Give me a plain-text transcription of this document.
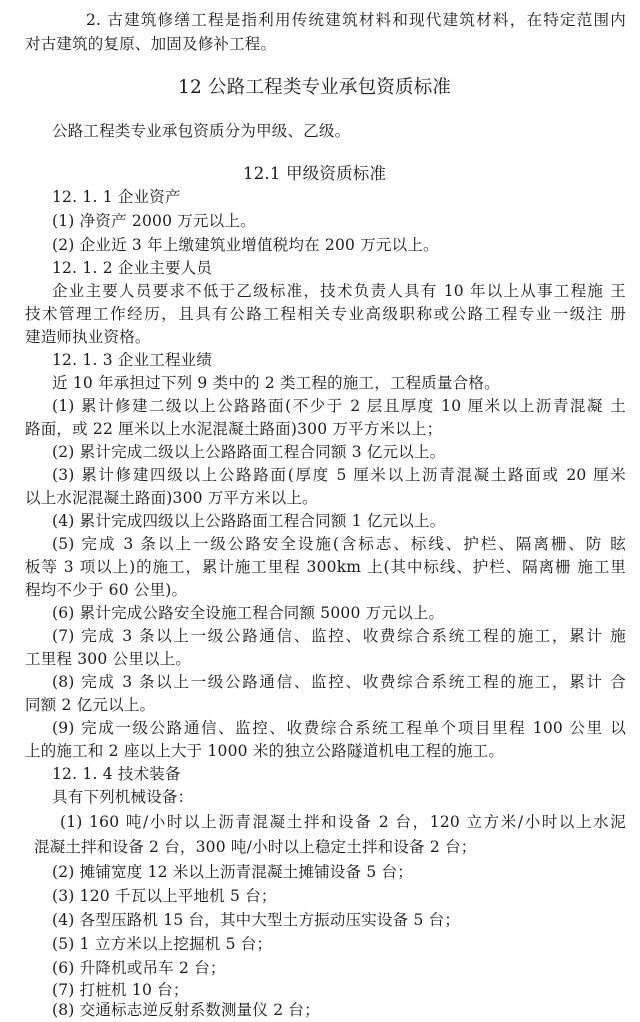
2. 古建筑修缮工程是指利用传统建筑材料和现代建筑材料，在特定范围内
对古建筑的复原、加固及修补工程。
12 公路工程类专业承包资质标准
公路工程类专业承包资质分为甲级、乙级。
12.1 甲级资质标准
12. 1. 1 企业资产
(1) 净资产 2000 万元以上。
(2) 企业近 3 年上缴建筑业增值税均在 200 万元以上。
12. 1. 2 企业主要人员
企业主要人员要求不低于乙级标准，技术负责人具有 10 年以上从事工程施 王
技术管理工作经历，且具有公路工程相关专业高级职称或公路工程专业一级注 册
建造师执业资格。
12. 1. 3 企业工程业绩
近 10 年承担过下列 9 类中的 2 类工程的施工，工程质量合格。
(1) 累计修建二级以上公路路面(不少于 2 层且厚度 10 厘米以上沥青混凝 土
路面，或 22 厘米以上水泥混凝土路面)300 万平方米以上；
(2) 累计完成二级以上公路路面工程合同额 3 亿元以上。
(3) 累计修建四级以上公路路面(厚度 5 厘米以上沥青混凝土路面或 20 厘米
以上水泥混凝土路面)300 万平方米以上。
(4) 累计完成四级以上公路路面工程合同额 1 亿元以上。
(5) 完成 3 条以上一级公路安全设施(含标志、标线、护栏、隔离栅、防 眩
板等 3 项以上)的施工，累计施工里程 300km 上(其中标线、护栏、隔离栅 施工里
程均不少于 60 公里)。
(6) 累计完成公路安全设施工程合同额 5000 万元以上。
(7) 完成 3 条以上一级公路通信、监控、收费综合系统工程的施工，累计 施
工里程 300 公里以上。
(8) 完成 3 条以上一级公路通信、监控、收费综合系统工程的施工，累计 合
同额 2 亿元以上。
(9) 完成一级公路通信、监控、收费综合系统工程单个项目里程 100 公里 以
上的施工和 2 座以上大于 1000 米的独立公路隧道机电工程的施工。
12. 1. 4 技术装备
具有下列机械设备：
(1) 160 吨/小时以上沥青混凝土拌和设备 2 台，120 立方米/小时以上水泥
混凝土拌和设备 2 台，300 吨/小时以上稳定土拌和设备 2 台；
(2) 摊铺宽度 12 米以上沥青混凝土摊铺设备 5 台；
(3) 120 千瓦以上平地机 5 台；
(4) 各型压路机 15 台，其中大型土方振动压实设备 5 台；
(5) 1 立方米以上挖掘机 5 台；
(6) 升降机或吊车 2 台；
(7) 打桩机 10 台；
(8) 交通标志逆反射系数测量仪 2 台；
